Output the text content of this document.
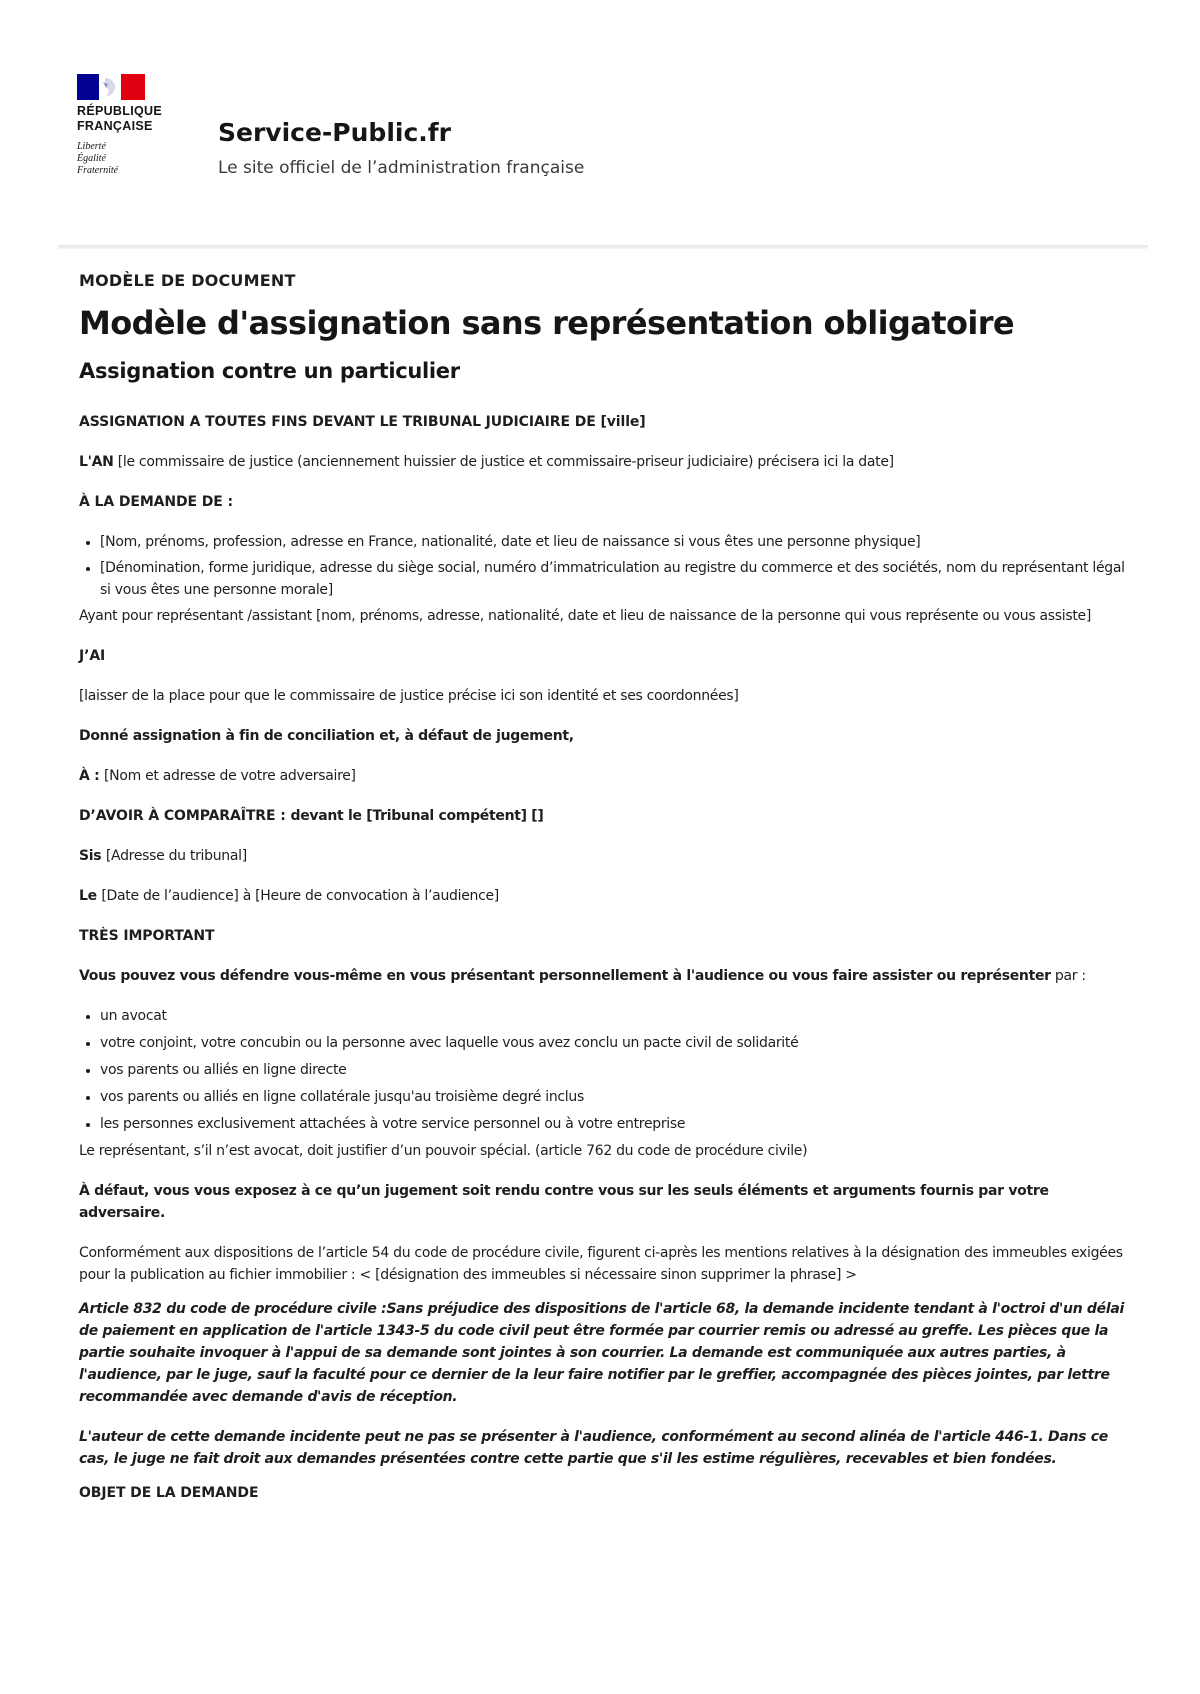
RÉPUBLIQUE
FRANÇAISE
Liberté
Égalité
Fraternité
Service-Public.fr
Le site officiel de l’administration française

MODÈLE DE DOCUMENT

Modèle d'assignation sans représentation obligatoire
Assignation contre un particulier

ASSIGNATION A TOUTES FINS DEVANT LE TRIBUNAL JUDICIAIRE DE [ville]

L'AN [le commissaire de justice (anciennement huissier de justice et commissaire-priseur judiciaire) précisera ici la date]

À LA DEMANDE DE :

• [Nom, prénoms, profession, adresse en France, nationalité, date et lieu de naissance si vous êtes une personne physique]
• [Dénomination, forme juridique, adresse du siège social, numéro d’immatriculation au registre du commerce et des sociétés, nom du représentant légal si vous êtes une personne morale]

Ayant pour représentant /assistant [nom, prénoms, adresse, nationalité, date et lieu de naissance de la personne qui vous représente ou vous assiste]

J’AI

[laisser de la place pour que le commissaire de justice précise ici son identité et ses coordonnées]

Donné assignation à fin de conciliation et, à défaut de jugement,

À : [Nom et adresse de votre adversaire]

D’AVOIR À COMPARAÎTRE : devant le [Tribunal compétent] []

Sis [Adresse du tribunal]

Le [Date de l’audience] à [Heure de convocation à l’audience]

TRÈS IMPORTANT

Vous pouvez vous défendre vous-même en vous présentant personnellement à l'audience ou vous faire assister ou représenter par :

• un avocat
• votre conjoint, votre concubin ou la personne avec laquelle vous avez conclu un pacte civil de solidarité
• vos parents ou alliés en ligne directe
• vos parents ou alliés en ligne collatérale jusqu'au troisième degré inclus
• les personnes exclusivement attachées à votre service personnel ou à votre entreprise

Le représentant, s’il n’est avocat, doit justifier d’un pouvoir spécial. (article 762 du code de procédure civile)

À défaut, vous vous exposez à ce qu’un jugement soit rendu contre vous sur les seuls éléments et arguments fournis par votre adversaire.

Conformément aux dispositions de l’article 54 du code de procédure civile, figurent ci-après les mentions relatives à la désignation des immeubles exigées pour la publication au fichier immobilier : < [désignation des immeubles si nécessaire sinon supprimer la phrase] >

Article 832 du code de procédure civile :Sans préjudice des dispositions de l'article 68, la demande incidente tendant à l'octroi d'un délai de paiement en application de l'article 1343-5 du code civil peut être formée par courrier remis ou adressé au greffe. Les pièces que la partie souhaite invoquer à l'appui de sa demande sont jointes à son courrier. La demande est communiquée aux autres parties, à l'audience, par le juge, sauf la faculté pour ce dernier de la leur faire notifier par le greffier, accompagnée des pièces jointes, par lettre recommandée avec demande d'avis de réception.

L'auteur de cette demande incidente peut ne pas se présenter à l'audience, conformément au second alinéa de l'article 446-1. Dans ce cas, le juge ne fait droit aux demandes présentées contre cette partie que s'il les estime régulières, recevables et bien fondées.

OBJET DE LA DEMANDE
